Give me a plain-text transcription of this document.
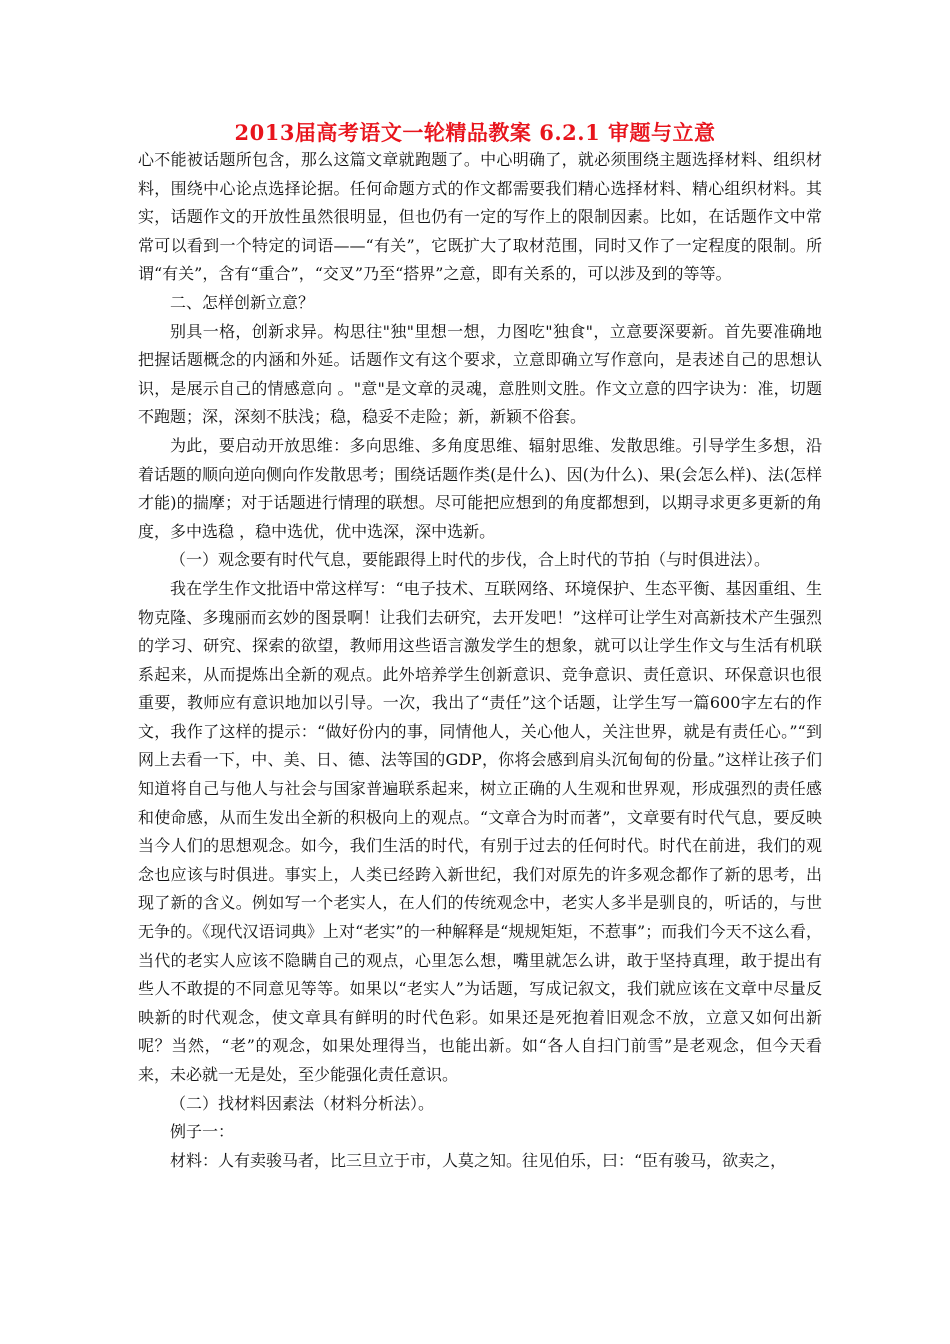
2013届高考语文一轮精品教案 6.2.1 审题与立意

心不能被话题所包含，那么这篇文章就跑题了。中心明确了，就必须围绕主题选择材料、组织材料，围绕中心论点选择论据。任何命题方式的作文都需要我们精心选择材料、精心组织材料。其实，话题作文的开放性虽然很明显，但也仍有一定的写作上的限制因素。比如，在话题作文中常常可以看到一个特定的词语——“有关”，它既扩大了取材范围，同时又作了一定程度的限制。所谓“有关”，含有“重合”，“交叉”乃至“搭界”之意，即有关系的，可以涉及到的等等。

二、怎样创新立意？

别具一格，创新求异。构思往"独"里想一想，力图吃"独食"，立意要深要新。首先要准确地把握话题概念的内涵和外延。话题作文有这个要求，立意即确立写作意向，是表述自己的思想认识，是展示自己的情感意向 。"意"是文章的灵魂，意胜则文胜。作文立意的四字诀为：准，切题不跑题；深，深刻不肤浅；稳，稳妥不走险；新，新颖不俗套。

为此，要启动开放思维：多向思维、多角度思维、辐射思维、发散思维。引导学生多想，沿着话题的顺向逆向侧向作发散思考；围绕话题作类(是什么)、因(为什么)、果(会怎么样)、法(怎样才能)的揣摩；对于话题进行情理的联想。尽可能把应想到的角度都想到，以期寻求更多更新的角度，多中选稳 ，稳中选优，优中选深，深中选新。

（一）观念要有时代气息，要能跟得上时代的步伐，合上时代的节拍（与时俱进法）。

我在学生作文批语中常这样写：“电子技术、互联网络、环境保护、生态平衡、基因重组、生物克隆、多瑰丽而玄妙的图景啊！让我们去研究，去开发吧！”这样可让学生对高新技术产生强烈的学习、研究、探索的欲望，教师用这些语言激发学生的想象，就可以让学生作文与生活有机联系起来，从而提炼出全新的观点。此外培养学生创新意识、竞争意识、责任意识、环保意识也很重要，教师应有意识地加以引导。一次，我出了“责任”这个话题，让学生写一篇600字左右的作文，我作了这样的提示：“做好份内的事，同情他人，关心他人，关注世界，就是有责任心。”“到网上去看一下，中、美、日、德、法等国的GDP，你将会感到肩头沉甸甸的份量。”这样让孩子们知道将自己与他人与社会与国家普遍联系起来，树立正确的人生观和世界观，形成强烈的责任感和使命感，从而生发出全新的积极向上的观点。“文章合为时而著”，文章要有时代气息，要反映当今人们的思想观念。如今，我们生活的时代，有别于过去的任何时代。时代在前进，我们的观念也应该与时俱进。事实上，人类已经跨入新世纪，我们对原先的许多观念都作了新的思考，出现了新的含义。例如写一个老实人，在人们的传统观念中，老实人多半是驯良的，听话的，与世无争的。《现代汉语词典》上对“老实”的一种解释是“规规矩矩，不惹事”；而我们今天不这么看，当代的老实人应该不隐瞒自己的观点，心里怎么想，嘴里就怎么讲，敢于坚持真理，敢于提出有些人不敢提的不同意见等等。如果以“老实人”为话题，写成记叙文，我们就应该在文章中尽量反映新的时代观念，使文章具有鲜明的时代色彩。如果还是死抱着旧观念不放，立意又如何出新呢？当然，“老”的观念，如果处理得当，也能出新。如“各人自扫门前雪”是老观念，但今天看来，未必就一无是处，至少能强化责任意识。

（二）找材料因素法（材料分析法）。

例子一：

材料：人有卖骏马者，比三旦立于市，人莫之知。往见伯乐，曰：“臣有骏马，欲卖之，
